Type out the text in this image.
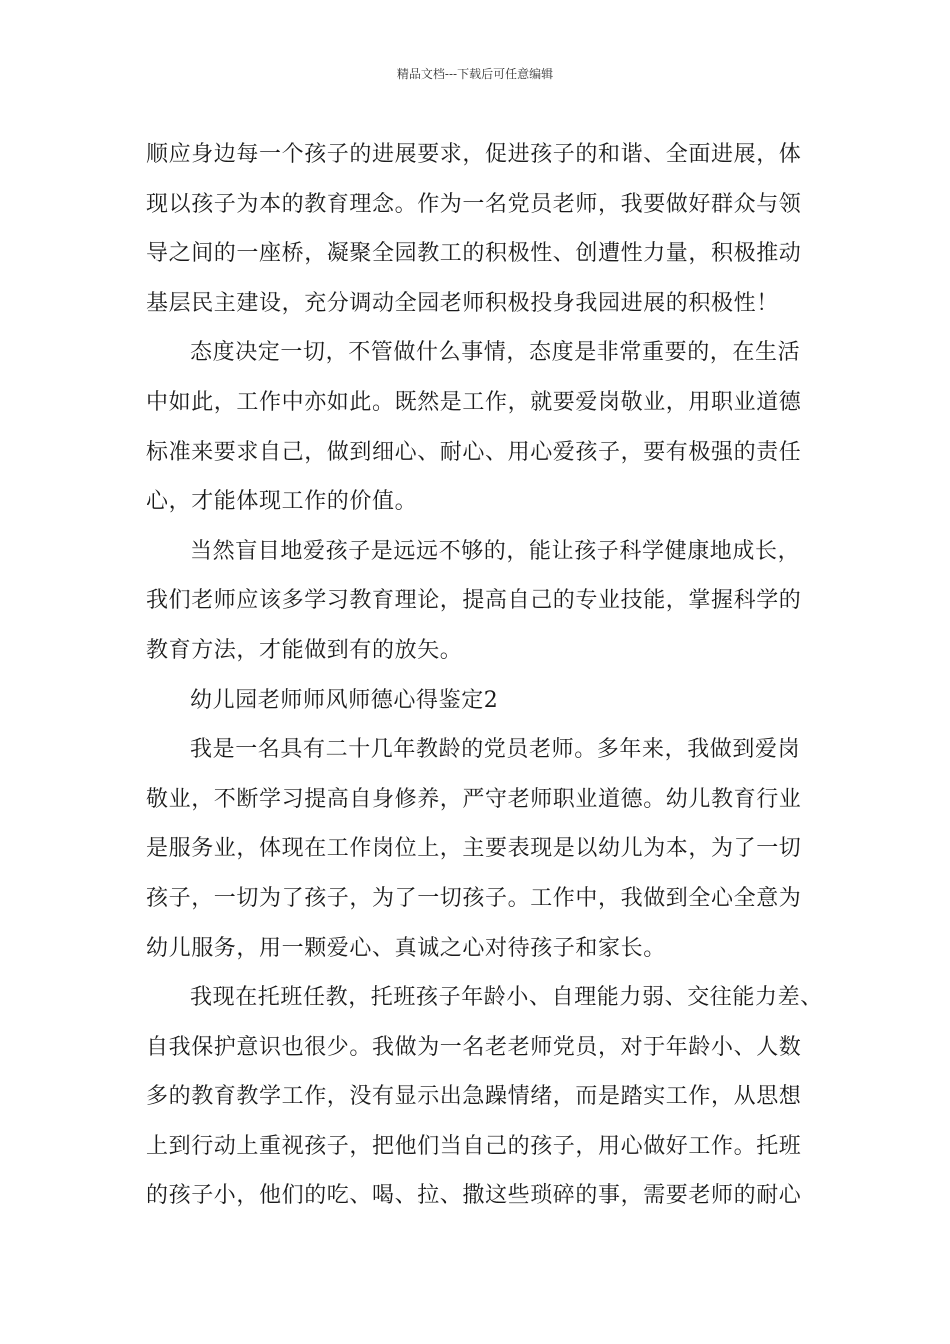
精品文档---下载后可任意编辑
顺应身边每一个孩子的进展要求，促进孩子的和谐、全面进展，体
现以孩子为本的教育理念。作为一名党员老师，我要做好群众与领
导之间的一座桥，凝聚全园教工的积极性、创遭性力量，积极推动
基层民主建设，充分调动全园老师积极投身我园进展的积极性！
态度决定一切，不管做什么事情，态度是非常重要的，在生活
中如此，工作中亦如此。既然是工作，就要爱岗敬业，用职业道德
标准来要求自己，做到细心、耐心、用心爱孩子，要有极强的责任
心，才能体现工作的价值。
当然盲目地爱孩子是远远不够的，能让孩子科学健康地成长，
我们老师应该多学习教育理论，提高自己的专业技能，掌握科学的
教育方法，才能做到有的放矢。
幼儿园老师师风师德心得鉴定2
我是一名具有二十几年教龄的党员老师。多年来，我做到爱岗
敬业，不断学习提高自身修养，严守老师职业道德。幼儿教育行业
是服务业，体现在工作岗位上，主要表现是以幼儿为本，为了一切
孩子，一切为了孩子，为了一切孩子。工作中，我做到全心全意为
幼儿服务，用一颗爱心、真诚之心对待孩子和家长。
我现在托班任教，托班孩子年龄小、自理能力弱、交往能力差、
自我保护意识也很少。我做为一名老老师党员，对于年龄小、人数
多的教育教学工作，没有显示出急躁情绪，而是踏实工作，从思想
上到行动上重视孩子，把他们当自己的孩子，用心做好工作。托班
的孩子小，他们的吃、喝、拉、撒这些琐碎的事，需要老师的耐心
